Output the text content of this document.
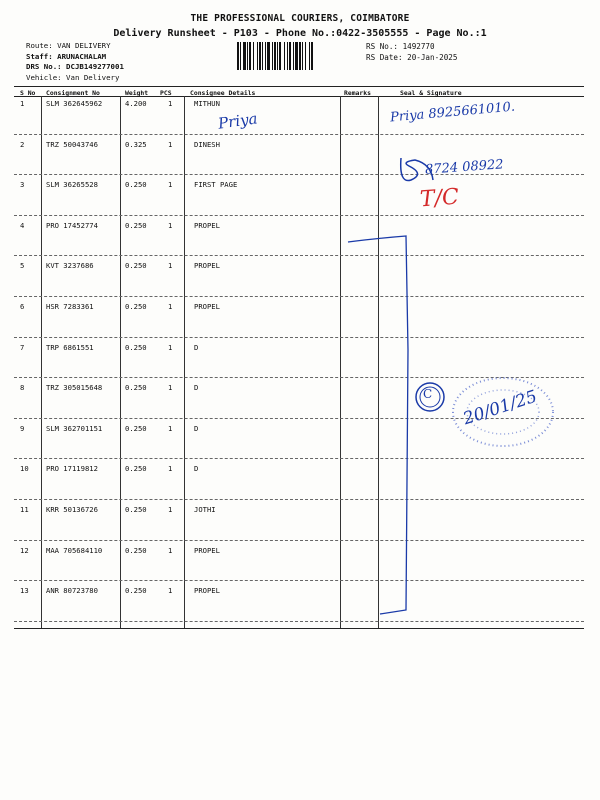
THE PROFESSIONAL COURIERS, COIMBATORE
Delivery Runsheet - P103 - Phone No.:0422-3505555 - Page No.:1
Route: VAN DELIVERY
Staff: ARUNACHALAM
DRS No.: DCJB149277001
Vehicle: Van Delivery
RS No.: 1492770
RS Date: 20-Jan-2025
S No Consignment No	Weight PCS	Consignee Details	Remarks	Seal & Signature
1	SLM 362645962	4.200	1	MITHUN
2	TRZ 50043746	0.325	1	DINESH
3	SLM 36265528	0.250	1	FIRST PAGE
4	PRO 17452774	0.250	1	PROPEL
5	KVT 3237686	0.250	1	PROPEL
6	HSR 7283361	0.250	1	PROPEL
7	TRP 6861551	0.250	1	D
8	TRZ 305015648	0.250	1	D
9	SLM 362701151	0.250	1	D
10 PRO 17119812	0.250	1	D
11 KRR 50136726	0.250	1	JOTHI
12 MAA 705684110	0.250	1	PROPEL
13 ANR 80723780	0.250	1	PROPEL
Priya	Priya 8925661010.
8724 08922
T/C
C 20/01/25
